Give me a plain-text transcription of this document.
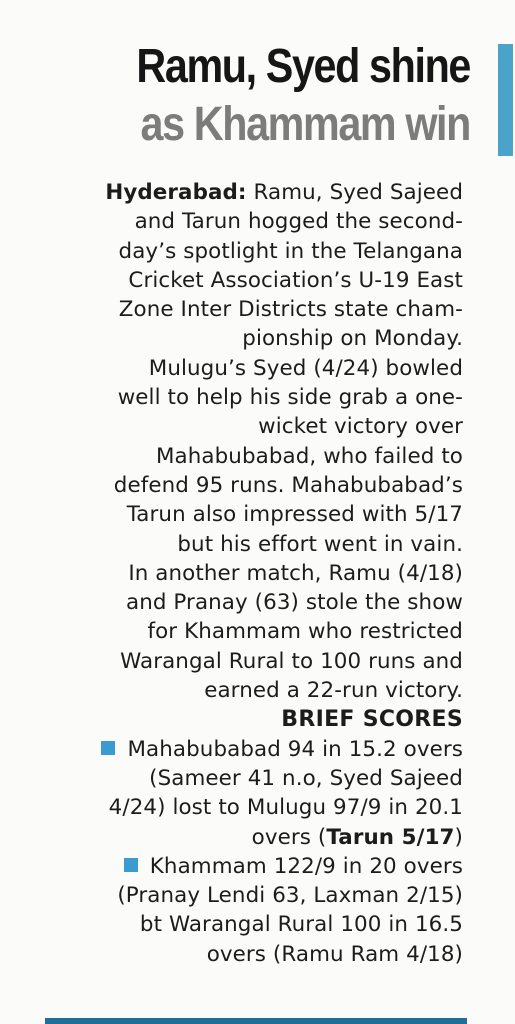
Ramu, Syed shine
as Khammam win
Hyderabad: Ramu, Syed Sajeed
and Tarun hogged the second-
day’s spotlight in the Telangana
Cricket Association’s U-19 East
Zone Inter Districts state cham-
pionship on Monday.
Mulugu’s Syed (4/24) bowled
well to help his side grab a one-
wicket victory over
Mahabubabad, who failed to
defend 95 runs. Mahabubabad’s
Tarun also impressed with 5/17
but his effort went in vain.
In another match, Ramu (4/18)
and Pranay (63) stole the show
for Khammam who restricted
Warangal Rural to 100 runs and
earned a 22-run victory.
BRIEF SCORES
Mahabubabad 94 in 15.2 overs
(Sameer 41 n.o, Syed Sajeed
4/24) lost to Mulugu 97/9 in 20.1
overs (Tarun 5/17)
Khammam 122/9 in 20 overs
(Pranay Lendi 63, Laxman 2/15)
bt Warangal Rural 100 in 16.5
overs (Ramu Ram 4/18)
